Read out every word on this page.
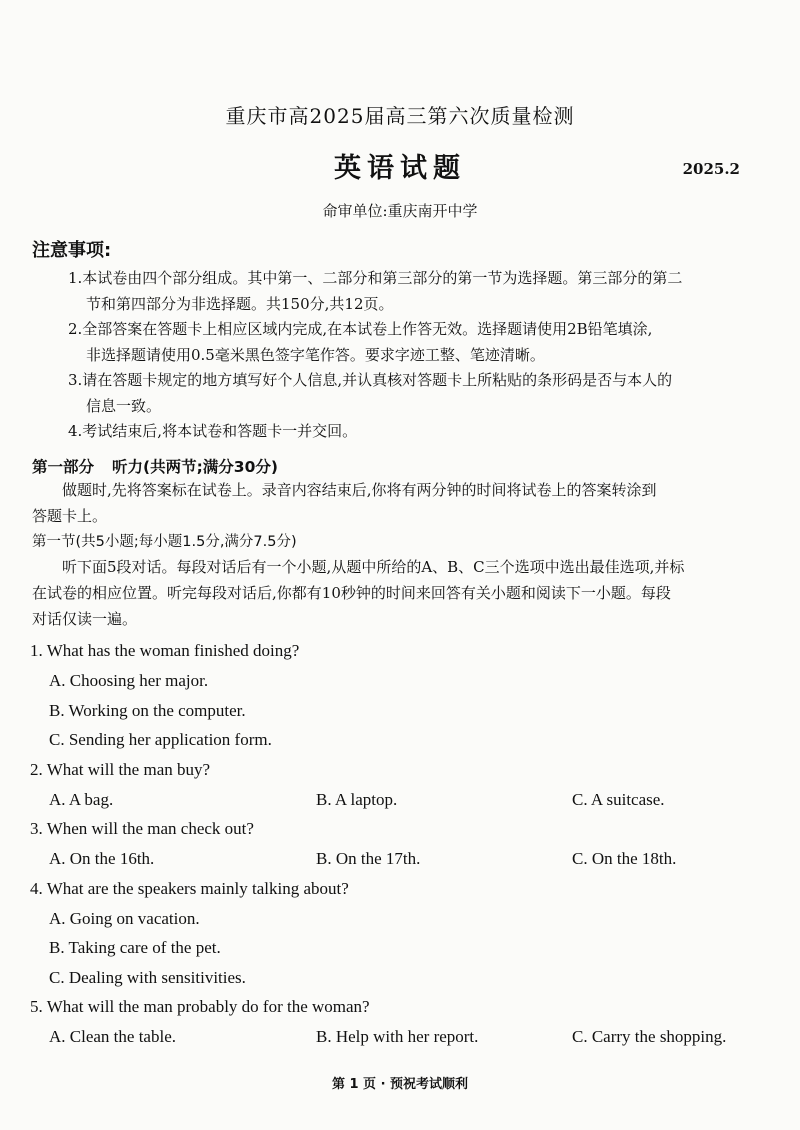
重庆市高2025届高三第六次质量检测
英语试题	2025.2
命审单位:重庆南开中学
注意事项:
1.本试卷由四个部分组成。其中第一、二部分和第三部分的第一节为选择题。第三部分的第二
节和第四部分为非选择题。共150分,共12页。
2.全部答案在答题卡上相应区域内完成,在本试卷上作答无效。选择题请使用2B铅笔填涂,
非选择题请使用0.5毫米黑色签字笔作答。要求字迹工整、笔迹清晰。
3.请在答题卡规定的地方填写好个人信息,并认真核对答题卡上所粘贴的条形码是否与本人的
信息一致。
4.考试结束后,将本试卷和答题卡一并交回。
第一部分 听力(共两节;满分30分)
做题时,先将答案标在试卷上。录音内容结束后,你将有两分钟的时间将试卷上的答案转涂到
答题卡上。
第一节(共5小题;每小题1.5分,满分7.5分)
听下面5段对话。每段对话后有一个小题,从题中所给的A、B、C三个选项中选出最佳选项,并标
在试卷的相应位置。听完每段对话后,你都有10秒钟的时间来回答有关小题和阅读下一小题。每段
对话仅读一遍。
1. What has the woman finished doing?
A. Choosing her major.
B. Working on the computer.
C. Sending her application form.
2. What will the man buy?
A. A bag.	B. A laptop.	C. A suitcase.
3. When will the man check out?
A. On the 16th.	B. On the 17th.	C. On the 18th.
4. What are the speakers mainly talking about?
A. Going on vacation.
B. Taking care of the pet.
C. Dealing with sensitivities.
5. What will the man probably do for the woman?
A. Clean the table.	B. Help with her report.	C. Carry the shopping.
第 1 页 · 预祝考试顺利
